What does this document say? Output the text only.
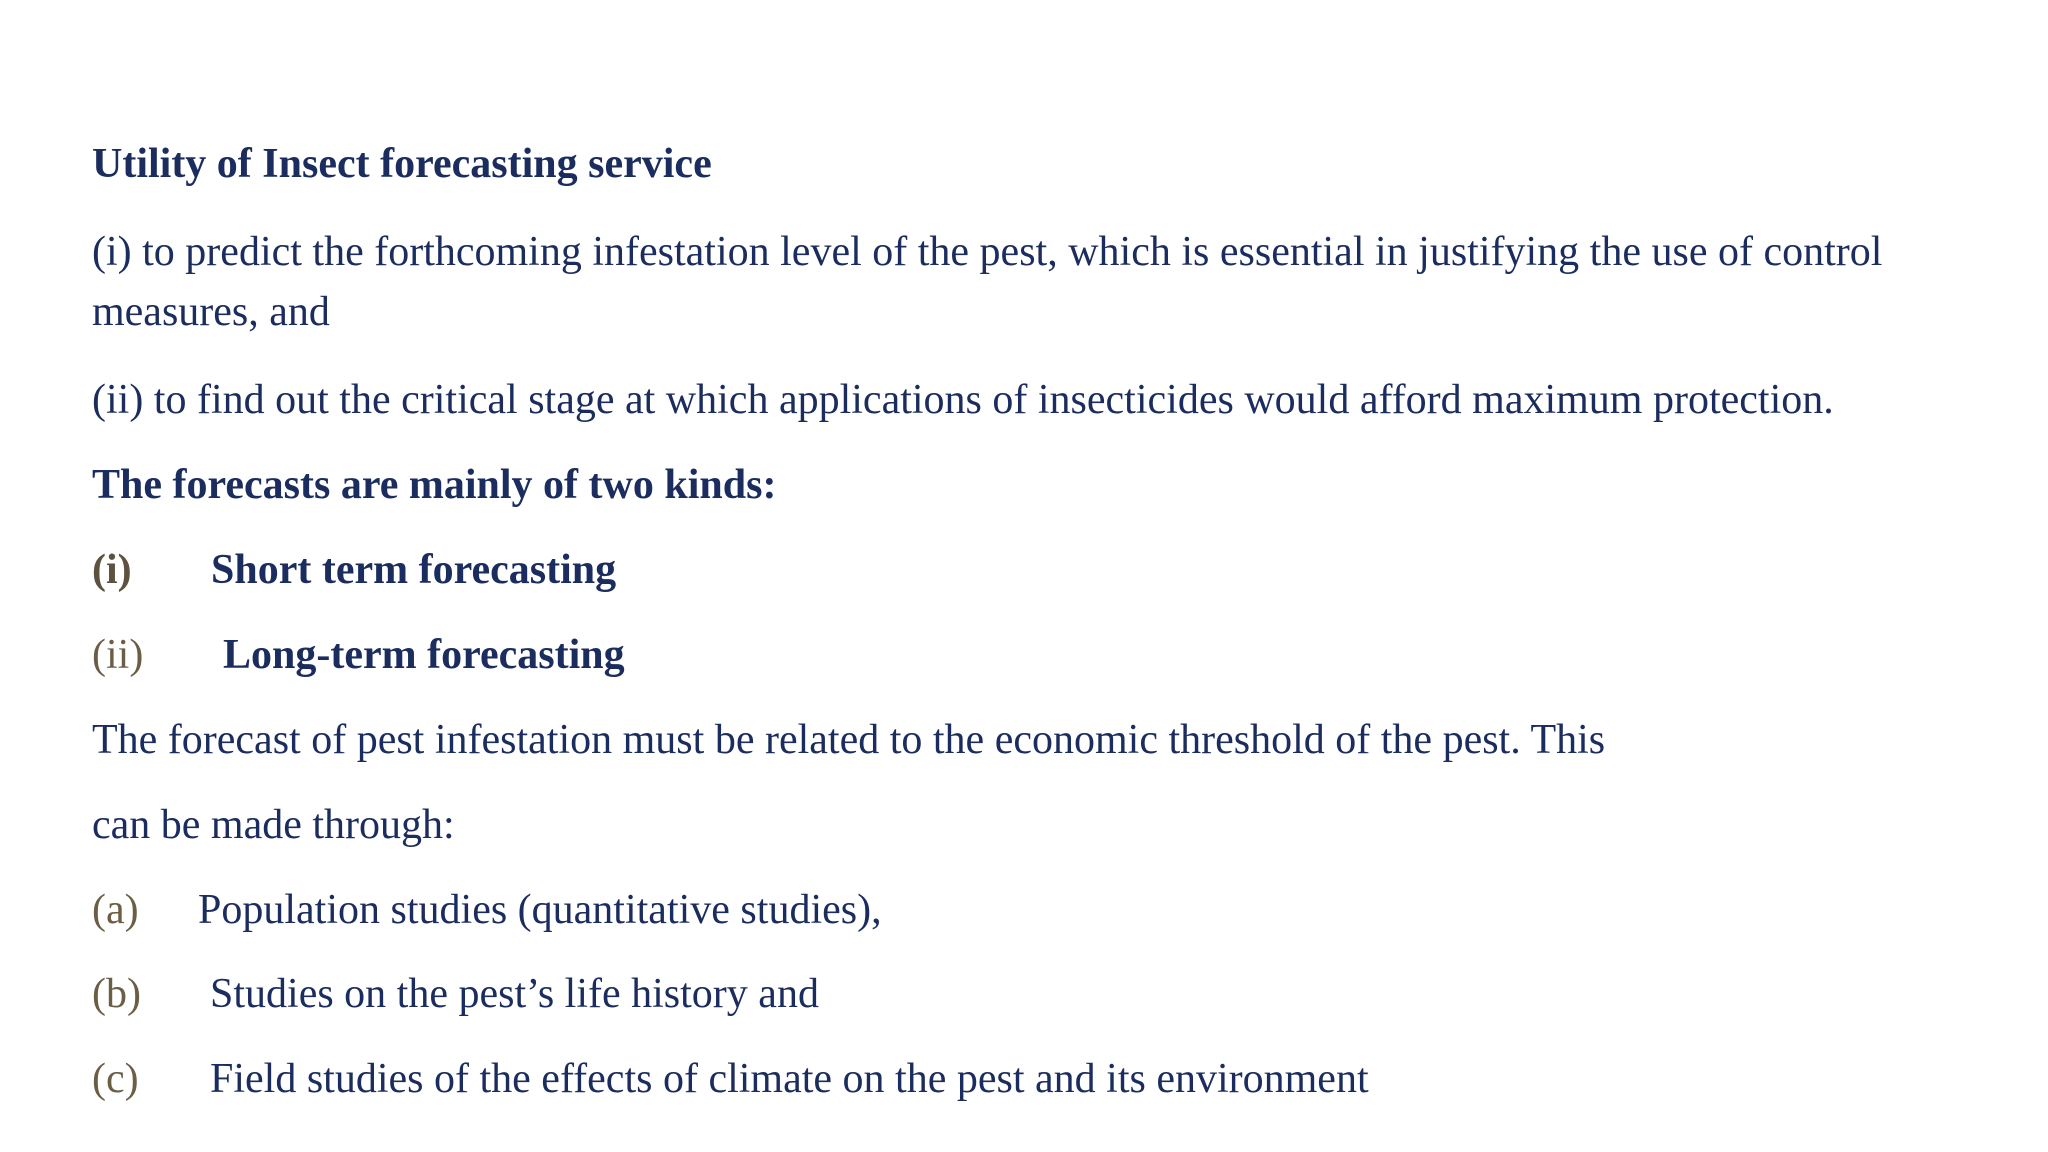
Utility of Insect forecasting service
(i) to predict the forthcoming infestation level of the pest, which is essential in justifying the use of control measures, and
(ii) to find out the critical stage at which applications of insecticides would afford maximum protection.
The forecasts are mainly of two kinds:
(i) Short term forecasting
(ii) Long-term forecasting
The forecast of pest infestation must be related to the economic threshold of the pest. This
can be made through:
(a) Population studies (quantitative studies),
(b) Studies on the pest’s life history and
(c) Field studies of the effects of climate on the pest and its environment
